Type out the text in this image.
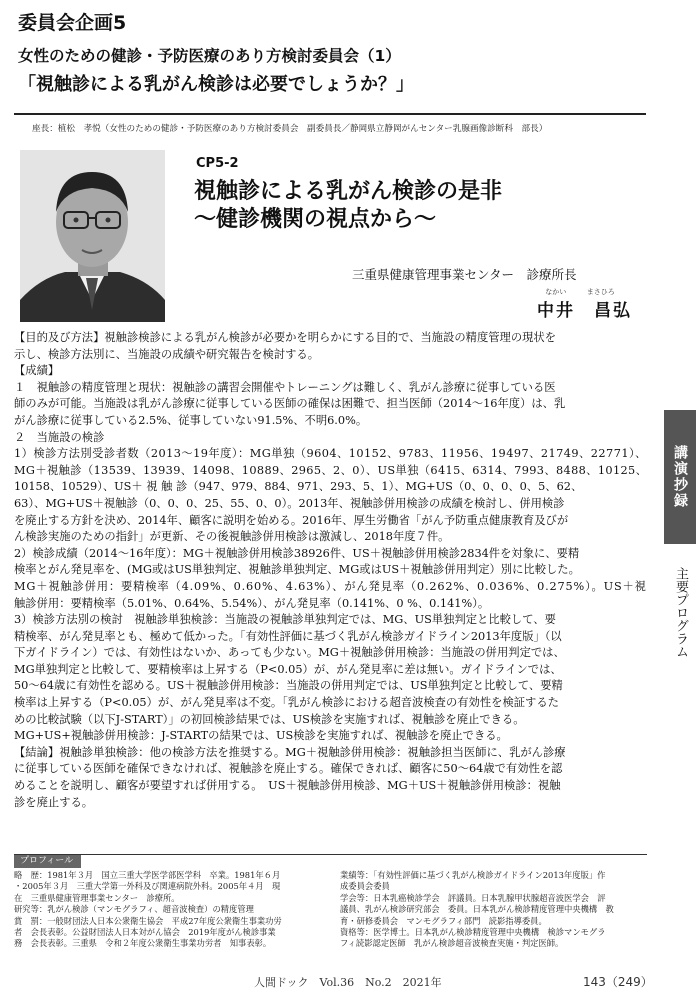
委員会企画5
女性のための健診・予防医療のあり方検討委員会（1）
「視触診による乳がん検診は必要でしょうか？」
座長：植松　孝悦（女性のための健診・予防医療のあり方検討委員会　副委員長／静岡県立静岡がんセンター乳腺画像診断科　部長）
CP5-2
視触診による乳がん検診の是非
〜健診機関の視点から〜
三重県健康管理事業センター　診療所長
なかい	まさひろ
中井　昌弘
【目的及び方法】視触診検診による乳がん検診が必要かを明らかにする目的で、当施設の精度管理の現状を
示し、検診方法別に、当施設の成績や研究報告を検討する。
【成績】
１　視触診の精度管理と現状：視触診の講習会開催やトレーニングは難しく、乳がん診療に従事している医
師のみが可能。当施設は乳がん診療に従事している医師の確保は困難で、担当医師（2014〜16年度）は、乳
がん診療に従事している2.5%、従事していない91.5%、不明6.0%。
２　当施設の検診
1）検診方法別受診者数（2013〜19年度）：MG単独（9604、10152、9783、11956、19497、21749、22771）、
MG＋視触診（13539、13939、14098、10889、2965、2、0）、US単独（6415、6314、7993、8488、10125、
10158、10529）、US＋ 視 触 診（947、979、884、971、293、5、1）、MG+US（0、0、0、0、5、62、
63）、MG+US＋視触診（0、0、0、25、55、0、0）。2013年、視触診併用検診の成績を検討し、併用検診
を廃止する方針を決め、2014年、顧客に説明を始める。2016年、厚生労働省「がん予防重点健康教育及びが
ん検診実施のための指針」が更新、その後視触診併用検診は激減し、2018年度７件。
2）検診成績（2014〜16年度）：MG＋視触診併用検診38926件、US＋視触診併用検診2834件を対象に、要精
検率とがん発見率を、(MG或はUS単独判定、視触診単独判定、MG或はUS＋視触診併用判定）別に比較した。
MG＋視触診併用：要精検率（4.09%、0.60%、4.63%）、がん発見率（0.262%、0.036%、0.275%）。US＋視
触診併用：要精検率（5.01%、0.64%、5.54%）、がん発見率（0.141%、0 %、0.141%）。
3）検診方法別の検討　視触診単独検診：当施設の視触診単独判定では、MG、US単独判定と比較して、要
精検率、がん発見率とも、極めて低かった。「有効性評価に基づく乳がん検診ガイドライン2013年度版」（以
下ガイドライン）では、有効性はないか、あっても少ない。MG＋視触診併用検診：当施設の併用判定では、
MG単独判定と比較して、要精検率は上昇する（P<0.05）が、がん発見率に差は無い。ガイドラインでは、
50〜64歳に有効性を認める。US＋視触診併用検診：当施設の併用判定では、US単独判定と比較して、要精
検率は上昇する（P<0.05）が、がん発見率は不変。「乳がん検診における超音波検査の有効性を検証するた
めの比較試験（以下J-START）」の初回検診結果では、US検診を実施すれば、視触診を廃止できる。
MG+US+視触診併用検診：J-STARTの結果では、US検診を実施すれば、視触診を廃止できる。
【結論】視触診単独検診：他の検診方法を推奨する。MG＋視触診併用検診：視触診担当医師に、乳がん診療
に従事している医師を確保できなければ、視触診を廃止する。確保できれば、顧客に50〜64歳で有効性を認
めることを説明し、顧客が要望すれば併用する。　US＋視触診併用検診、MG＋US＋視触診併用検診：視触
診を廃止する。
講演抄録
主要プログラム
プロフィール
略　歴：1981年３月　国立三重大学医学部医学科　卒業。1981年６月
・2005年３月　三重大学第一外科及び関連病院外科。2005年４月　現
在　三重県健康管理事業センター　診療所。
研究等：乳がん検診（マンモグラフィ、超音波検査）の精度管理
賞　罰：一般財団法人日本公衆衛生協会　平成27年度公衆衛生事業功労
者　会長表彰。公益財団法人日本対がん協会　2019年度がん検診事業
務　会長表彰。三重県　令和２年度公衆衛生事業功労者　知事表彰。
業績等：「有効性評価に基づく乳がん検診ガイドライン2013年度版」作
成委員会委員
学会等：日本乳癌検診学会　評議員。日本乳腺甲状腺超音波医学会　評
議員、乳がん検診研究部会　委員。日本乳がん検診精度管理中央機構　教
育・研修委員会　マンモグラフィ部門　読影指導委員。
資格等：医学博士。日本乳がん検診精度管理中央機構　検診マンモグラ
フィ読影認定医師　乳がん検診超音波検査実施・判定医師。
人間ドック　Vol.36　No.2　2021年	143（249）
